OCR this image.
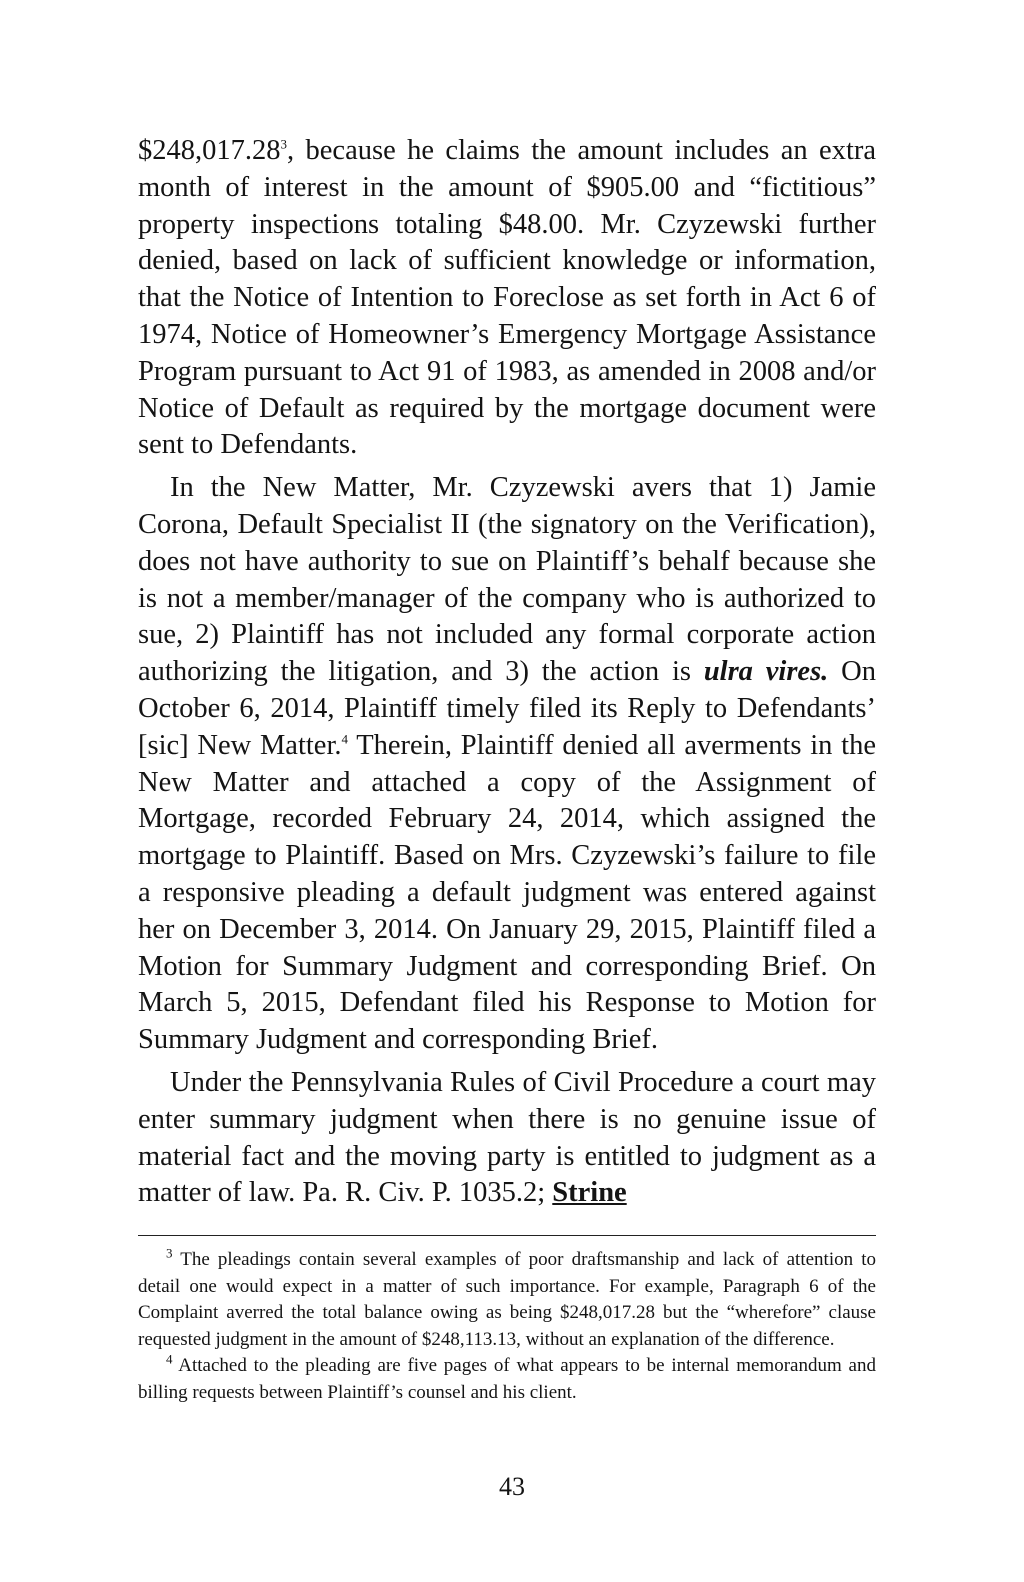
$248,017.28$^3$, because he claims the amount includes an extra month of interest in the amount of $905.00 and “fictitious” property inspections totaling $48.00. Mr. Czyzewski further denied, based on lack of sufficient knowledge or information, that the Notice of Intention to Foreclose as set forth in Act 6 of 1974, Notice of Homeowner’s Emergency Mortgage Assistance Program pursuant to Act 91 of 1983, as amended in 2008 and/or Notice of Default as required by the mortgage document were sent to Defendants.

In the New Matter, Mr. Czyzewski avers that 1) Jamie Corona, Default Specialist II (the signatory on the Verification), does not have authority to sue on Plaintiff’s behalf because she is not a member/manager of the company who is authorized to sue, 2) Plaintiff has not included any formal corporate action authorizing the litigation, and 3) the action is ulra vires. On October 6, 2014, Plaintiff timely filed its Reply to Defendants’ [sic] New Matter.$^4$ Therein, Plaintiff denied all averments in the New Matter and attached a copy of the Assignment of Mortgage, recorded February 24, 2014, which assigned the mortgage to Plaintiff. Based on Mrs. Czyzewski’s failure to file a responsive pleading a default judgment was entered against her on December 3, 2014. On January 29, 2015, Plaintiff filed a Motion for Summary Judgment and corresponding Brief. On March 5, 2015, Defendant filed his Response to Motion for Summary Judgment and corresponding Brief.

Under the Pennsylvania Rules of Civil Procedure a court may enter summary judgment when there is no genuine issue of material fact and the moving party is entitled to judgment as a matter of law. Pa. R. Civ. P. 1035.2; Strine

$^3$ The pleadings contain several examples of poor draftsmanship and lack of attention to detail one would expect in a matter of such importance. For example, Paragraph 6 of the Complaint averred the total balance owing as being $248,017.28 but the “wherefore” clause requested judgment in the amount of $248,113.13, without an explanation of the difference.

$^4$ Attached to the pleading are five pages of what appears to be internal memorandum and billing requests between Plaintiff’s counsel and his client.

43
